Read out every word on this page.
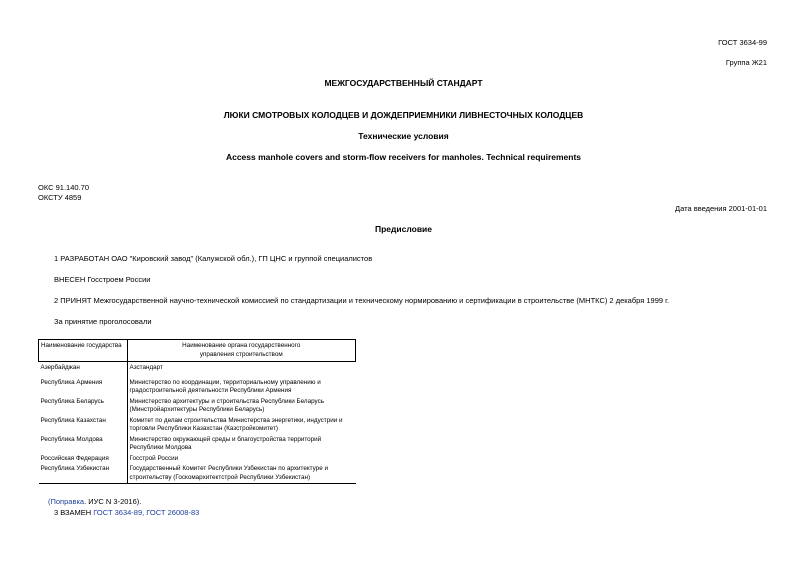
ГОСТ 3634-99
Группа Ж21
МЕЖГОСУДАРСТВЕННЫЙ СТАНДАРТ
ЛЮКИ СМОТРОВЫХ КОЛОДЦЕВ И ДОЖДЕПРИЕМНИКИ ЛИВНЕСТОЧНЫХ КОЛОДЦЕВ
Технические условия
Access manhole covers and storm-flow receivers for manholes. Technical requirements
ОКС 91.140.70
ОКСТУ 4859
Дата введения 2001-01-01
Предисловие
1 РАЗРАБОТАН ОАО "Кировский завод" (Калужской обл.), ГП ЦНС и группой специалистов
ВНЕСЕН Госстроем России
2 ПРИНЯТ Межгосударственной научно-технической комиссией по стандартизации и техническому нормированию и сертификации в строительстве (МНТКС) 2 декабря 1999 г.
За принятие проголосовали
Наименование государства	Наименование органа государственного
управления строительством
Азербайджан	Азстандарт
Республика Армения	Министерство по координации, территориальному управлению и градостроительной деятельности Республики Армения
Республика Беларусь	Министерство архитектуры и строительства Республики Беларусь (Минстройархитектуры Республики Беларусь)
Республика Казахстан	Комитет по делам строительства Министерства энергетики, индустрии и торговли Республики Казахстан (Казстройкомитет)
Республика Молдова	Министерство окружающей среды и благоустройства территорий Республики Молдова
Российская Федерация	Госстрой России
Республика Узбекистан	Государственный Комитет Республики Узбекистан по архитектуре и строительству (Госкомархитектстрой Республики Узбекистан)
(Поправка. ИУС N 3-2016).
3 ВЗАМЕН ГОСТ 3634-89, ГОСТ 26008-83
